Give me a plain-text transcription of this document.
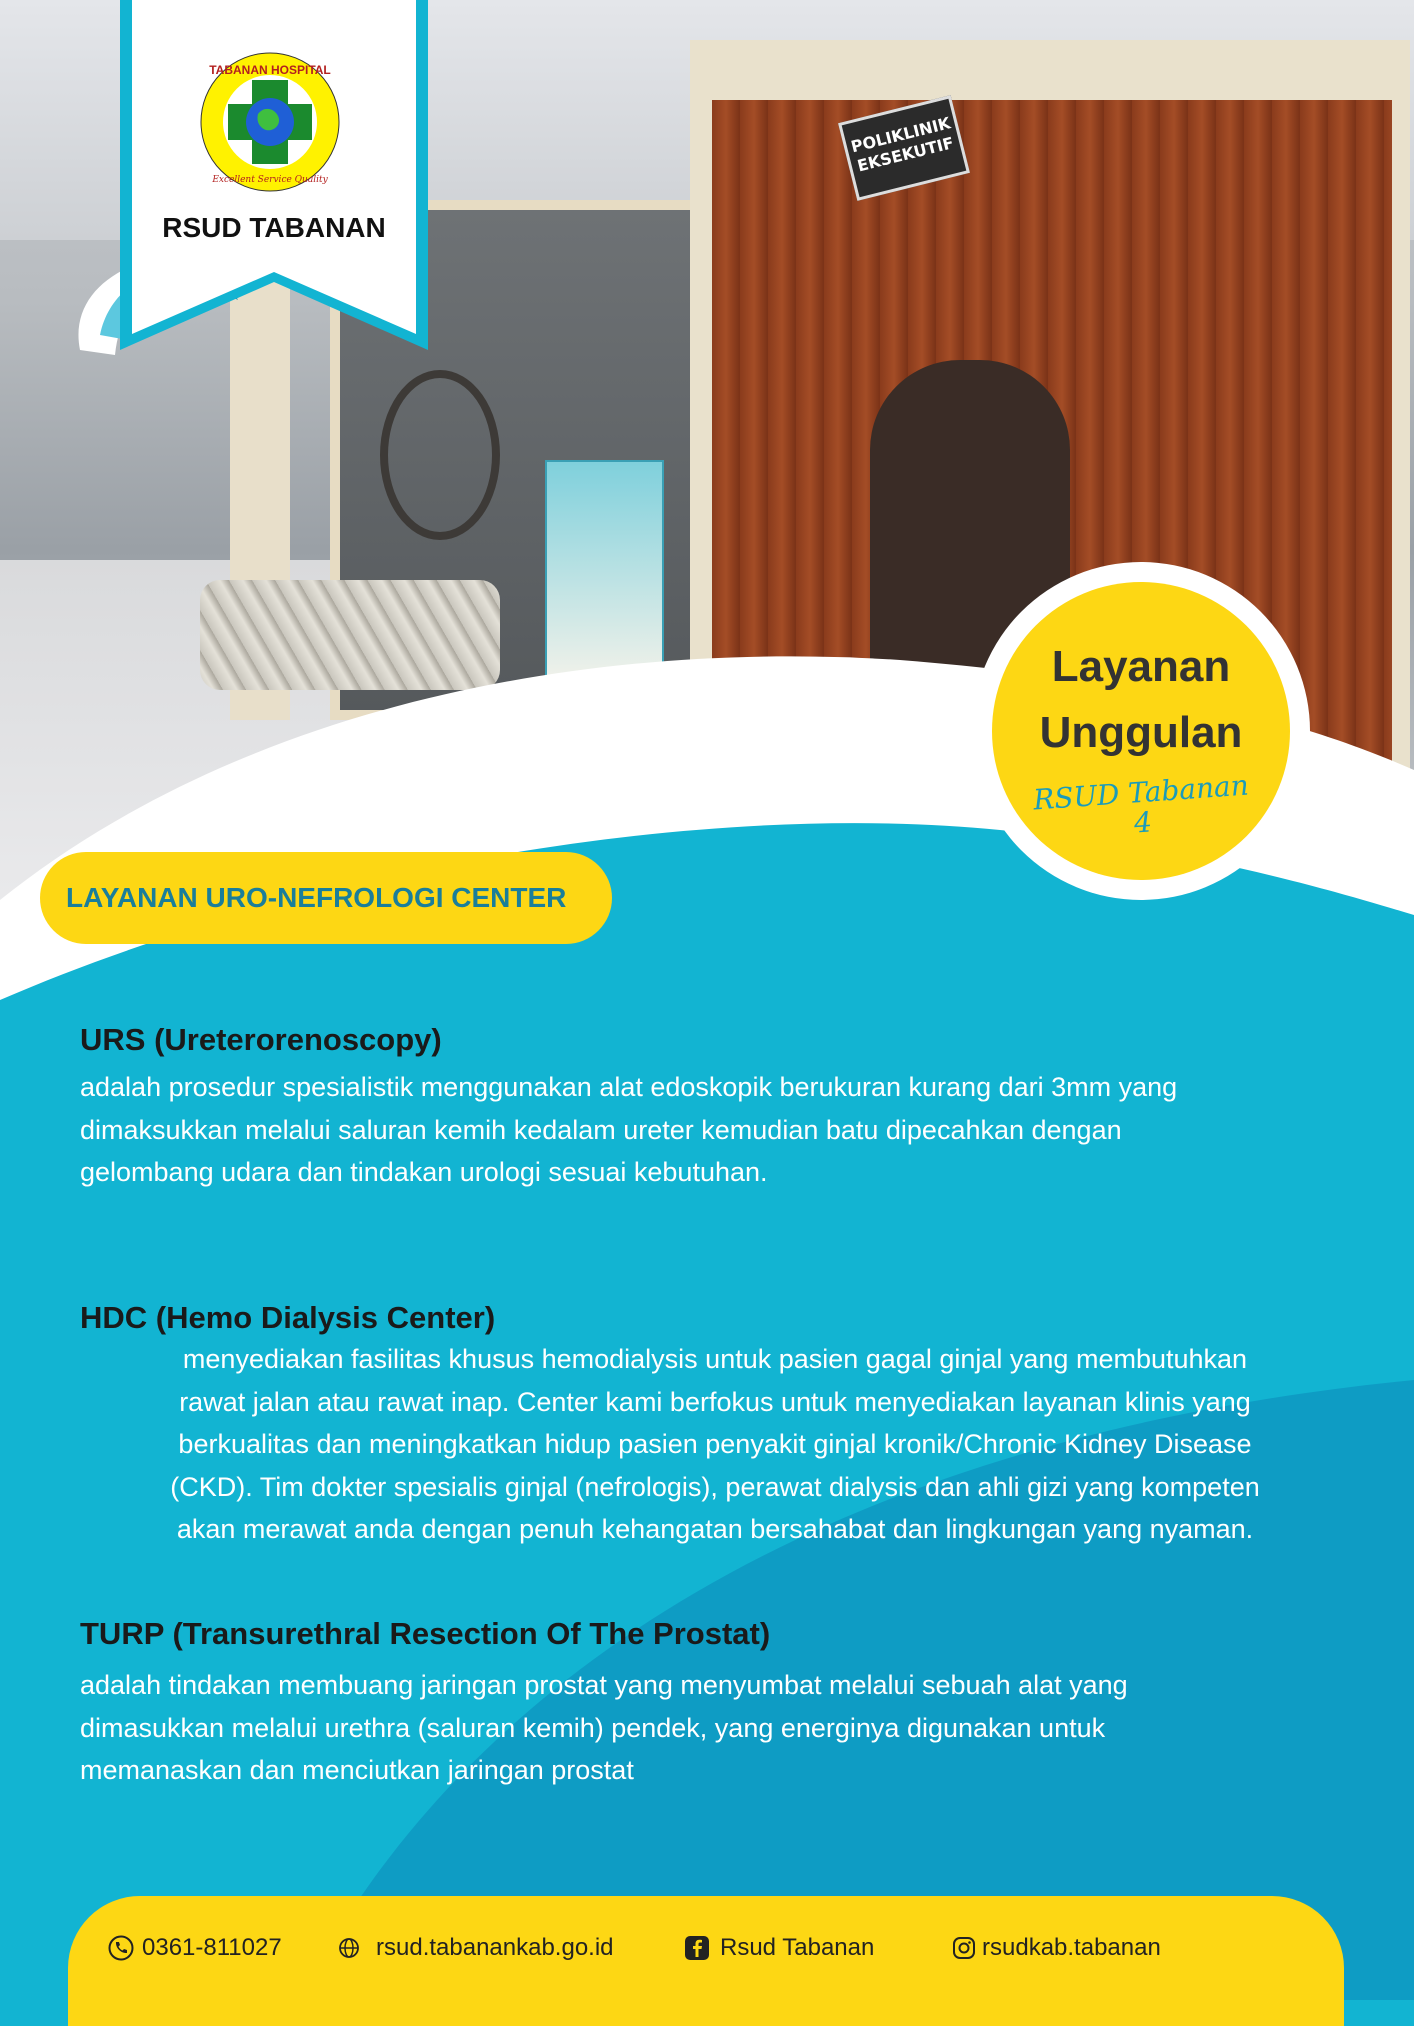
POLIKLINIK EKSEKUTIF
TABANAN HOSPITAL
Excellent Service Quality
RSUD TABANAN
Layanan
Unggulan
RSUD Tabanan 4
LAYANAN URO-NEFROLOGI CENTER
URS (Ureterorenoscopy)
adalah prosedur spesialistik menggunakan alat edoskopik berukuran kurang dari 3mm yang
dimaksukkan melalui saluran kemih kedalam ureter kemudian batu dipecahkan dengan
gelombang udara dan tindakan urologi sesuai kebutuhan.
HDC (Hemo Dialysis Center)
menyediakan fasilitas khusus hemodialysis untuk pasien gagal ginjal yang membutuhkan
rawat jalan atau rawat inap. Center kami berfokus untuk menyediakan layanan klinis yang
berkualitas dan meningkatkan hidup pasien penyakit ginjal kronik/Chronic Kidney Disease
(CKD). Tim dokter spesialis ginjal (nefrologis), perawat dialysis dan ahli gizi yang kompeten
akan merawat anda dengan penuh kehangatan bersahabat dan lingkungan yang nyaman.
TURP (Transurethral Resection Of The Prostat)
adalah tindakan membuang jaringan prostat yang menyumbat melalui sebuah alat yang
dimasukkan melalui urethra (saluran kemih) pendek, yang energinya digunakan untuk
memanaskan dan menciutkan jaringan prostat
0361-811027	rsud.tabanankab.go.id	Rsud Tabanan	rsudkab.tabanan
